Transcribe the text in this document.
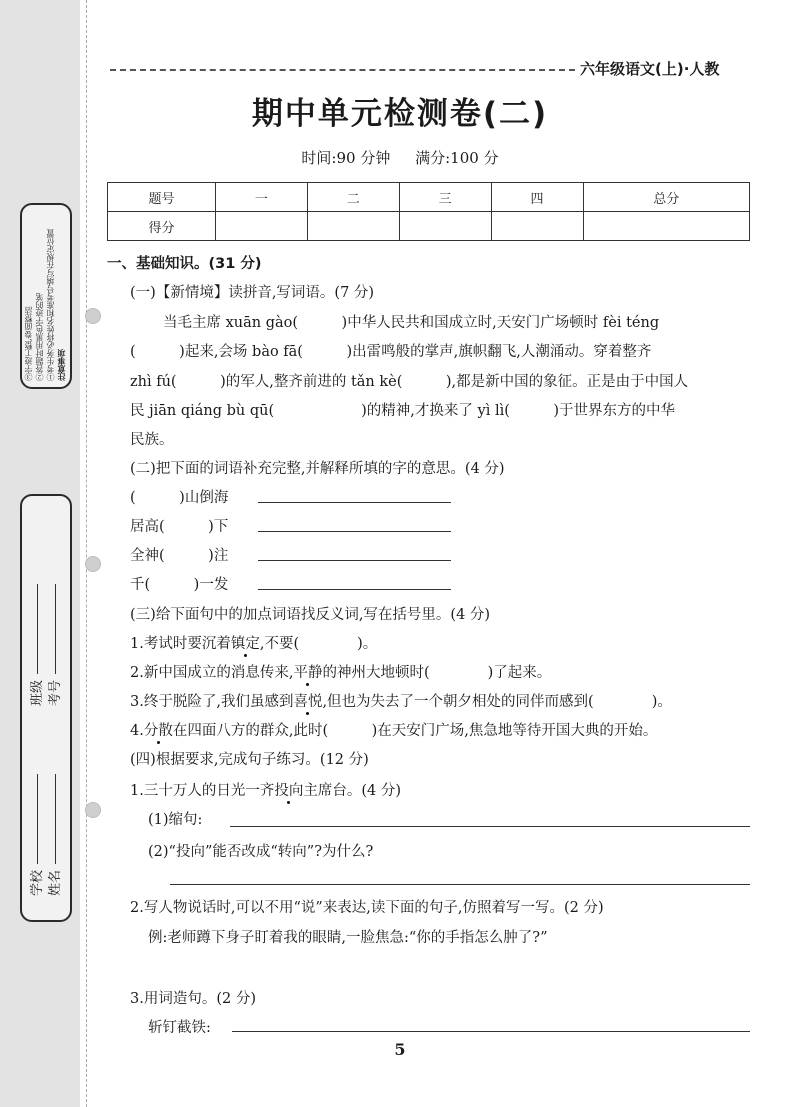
注意事项
①考生务必将姓名和准考号填写在规定位置
②答题时用黑色字迹的笔
③字迹工整,卷面整洁
学校 姓名
班级 考号
六年级语文(上)·人教
期中单元检测卷(二)
时间:90 分钟 满分:100 分
题号	一	二	三	四	总分
得分					
一、基础知识。(31 分)
(一)【新情境】读拼音,写词语。(7 分)
当毛主席 xuān gào(　　　)中华人民共和国成立时,天安门广场顿时 fèi téng
(　　　)起来,会场 bào fā(　　　)出雷鸣般的掌声,旗帜翻飞,人潮涌动。穿着整齐
zhì fú(　　　)的军人,整齐前进的 tǎn kè(　　　),都是新中国的象征。正是由于中国人
民 jiān qiáng bù qū(　　　　　　)的精神,才换来了 yì lì(　　　)于世界东方的中华
民族。
(二)把下面的词语补充完整,并解释所填的字的意思。(4 分)
(　　　)山倒海
居高(　　　)下
全神(　　　)注
千(　　　)一发
(三)给下面句中的加点词语找反义词,写在括号里。(4 分)
1.考试时要沉着镇定,不要(　　　　)。
2.新中国成立的消息传来,平静的神州大地顿时(　　　　)了起来。
3.终于脱险了,我们虽感到喜悦,但也为失去了一个朝夕相处的同伴而感到(　　　　)。
4.分散在四面八方的群众,此时(　　　)在天安门广场,焦急地等待开国大典的开始。
(四)根据要求,完成句子练习。(12 分)
1.三十万人的日光一齐投向主席台。(4 分)
(1)缩句:
(2)“投向”能否改成“转向”?为什么?
2.写人物说话时,可以不用“说”来表达,读下面的句子,仿照着写一写。(2 分)
例:老师蹲下身子盯着我的眼睛,一脸焦急:“你的手指怎么肿了?”
3.用词造句。(2 分)
斩钉截铁:
5
